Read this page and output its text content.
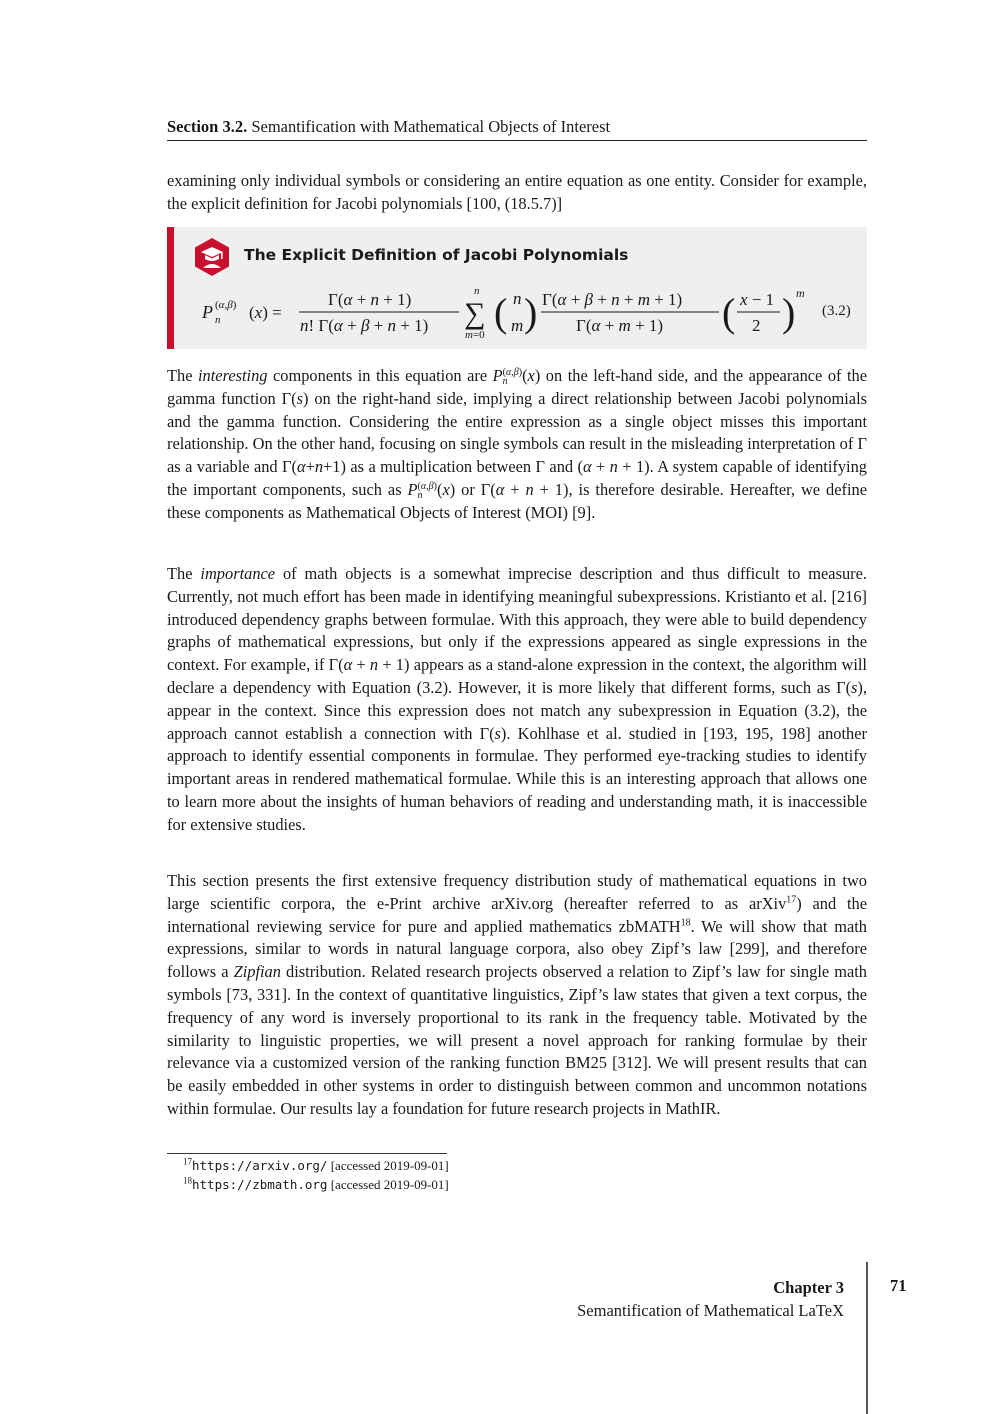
Section 3.2. Semantification with Mathematical Objects of Interest

examining only individual symbols or considering an entire equation as one entity. Consider for example, the explicit definition for Jacobi polynomials [100, (18.5.7)]

The Explicit Definition of Jacobi Polynomials
P (α,β)
n (x) =
Γ(α + n + 1)
n! Γ(α + β + n + 1)
n
∑
m=0 ( n
m ) Γ(α + β + n + m + 1)
Γ(α + m + 1) ( x − 1
2 ) m
(3.2)

The interesting components in this equation are P (α,β)
n (x) on the left-hand side, and the appearance of the gamma function Γ(s) on the right-hand side, implying a direct relationship between Jacobi polynomials and the gamma function. Considering the entire expression as a single object misses this important relationship. On the other hand, focusing on single symbols can result in the misleading interpretation of Γ as a variable and Γ(α+n+1) as a multiplication between Γ and (α + n + 1). A system capable of identifying the important components, such as P (α,β)
n (x) or Γ(α + n + 1), is therefore desirable. Hereafter, we define these components as Mathematical Objects of Interest (MOI) [9].

The importance of math objects is a somewhat imprecise description and thus difficult to measure. Currently, not much effort has been made in identifying meaningful subexpressions. Kristianto et al. [216] introduced dependency graphs between formulae. With this approach, they were able to build dependency graphs of mathematical expressions, but only if the expressions appeared as single expressions in the context. For example, if Γ(α + n + 1) appears as a stand-alone expression in the context, the algorithm will declare a dependency with Equation (3.2). However, it is more likely that different forms, such as Γ(s), appear in the context. Since this expression does not match any subexpression in Equation (3.2), the approach cannot establish a connection with Γ(s). Kohlhase et al. studied in [193, 195, 198] another approach to identify essential components in formulae. They performed eye-tracking studies to identify important areas in rendered mathematical formulae. While this is an interesting approach that allows one to learn more about the insights of human behaviors of reading and understanding math, it is inaccessible for extensive studies.

This section presents the first extensive frequency distribution study of mathematical equations in two large scientific corpora, the e-Print archive arXiv.org (hereafter referred to as arXiv$^{17}$) and the international reviewing service for pure and applied mathematics zbMATH$^{18}$. We will show that math expressions, similar to words in natural language corpora, also obey Zipf’s law [299], and therefore follows a Zipfian distribution. Related research projects observed a relation to Zipf’s law for single math symbols [73, 331]. In the context of quantitative linguistics, Zipf’s law states that given a text corpus, the frequency of any word is inversely proportional to its rank in the frequency table. Motivated by the similarity to linguistic properties, we will present a novel approach for ranking formulae by their relevance via a customized version of the ranking function BM25 [312]. We will present results that can be easily embedded in other systems in order to distinguish between common and uncommon notations within formulae. Our results lay a foundation for future research projects in MathIR.

$^{17}$https://arxiv.org/ [accessed 2019-09-01]
$^{18}$https://zbmath.org [accessed 2019-09-01]
Chapter 3
Semantification of Mathematical LaTeX
71
